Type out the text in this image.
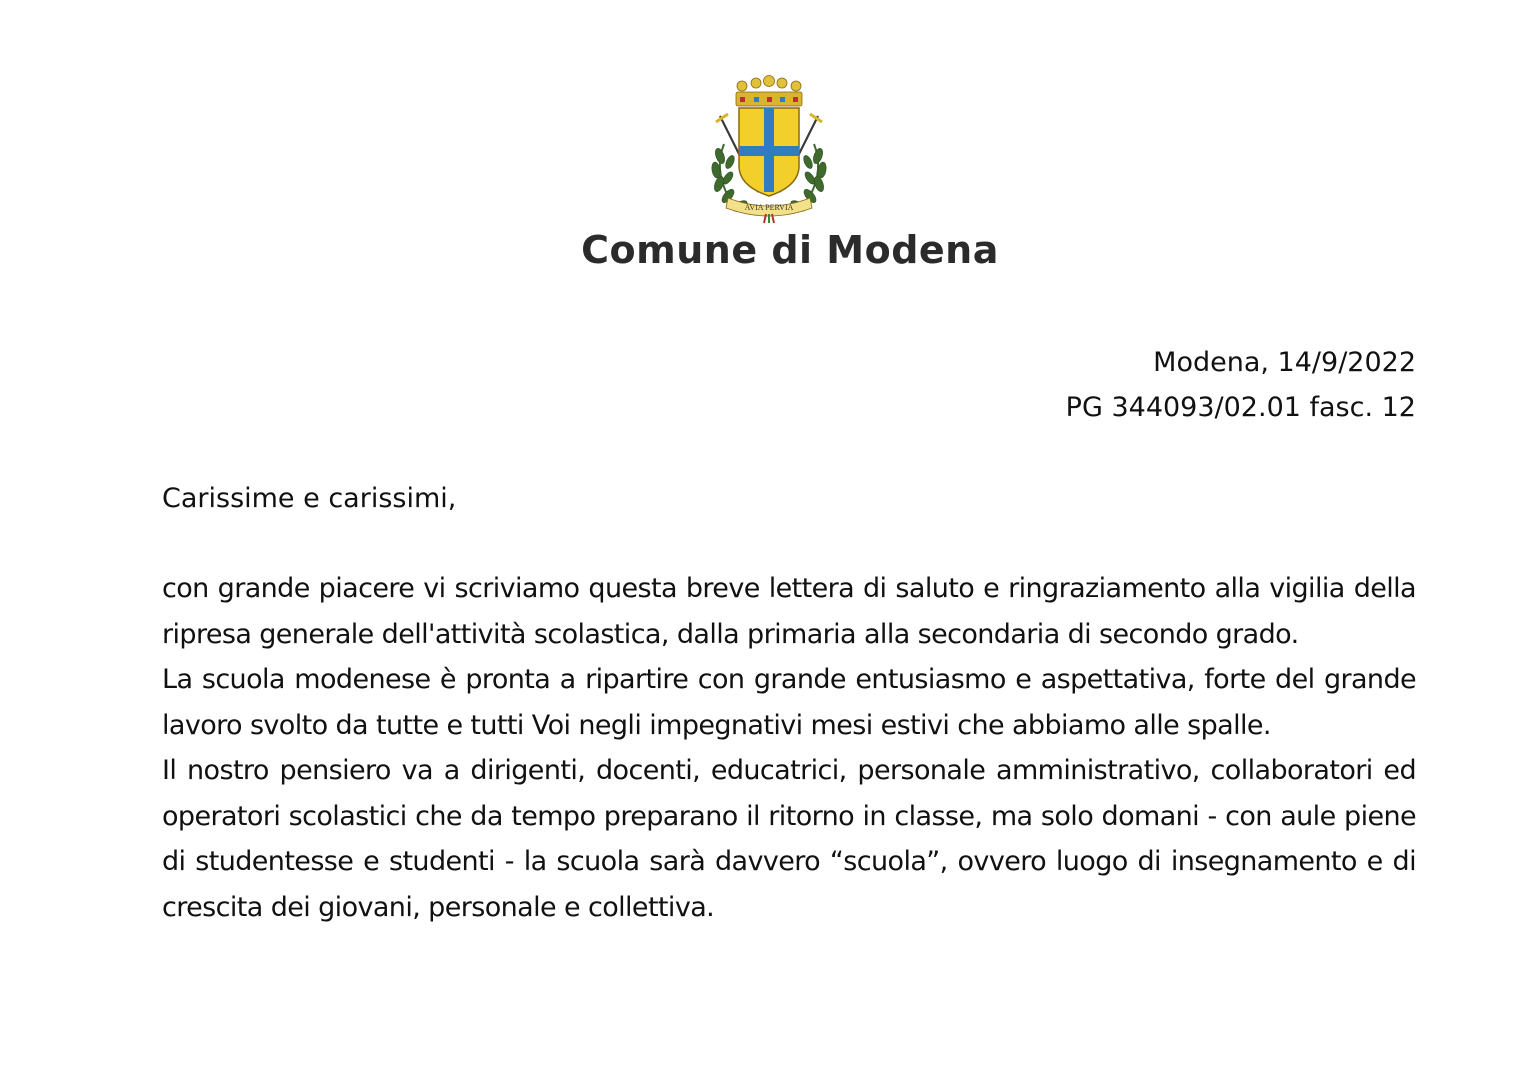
AVIA PERVIA
Comune di Modena
Modena, 14/9/2022
PG 344093/02.01 fasc. 12
Carissime e carissimi,

con grande piacere vi scriviamo questa breve lettera di saluto e ringraziamento alla vigilia della ripresa generale dell'attività scolastica, dalla primaria alla secondaria di secondo grado.

La scuola modenese è pronta a ripartire con grande entusiasmo e aspettativa, forte del grande lavoro svolto da tutte e tutti Voi negli impegnativi mesi estivi che abbiamo alle spalle.

Il nostro pensiero va a dirigenti, docenti, educatrici, personale amministrativo, collaboratori ed operatori scolastici che da tempo preparano il ritorno in classe, ma solo domani - con aule piene di studentesse e studenti - la scuola sarà davvero “scuola”, ovvero luogo di insegnamento e di crescita dei giovani, personale e collettiva.
